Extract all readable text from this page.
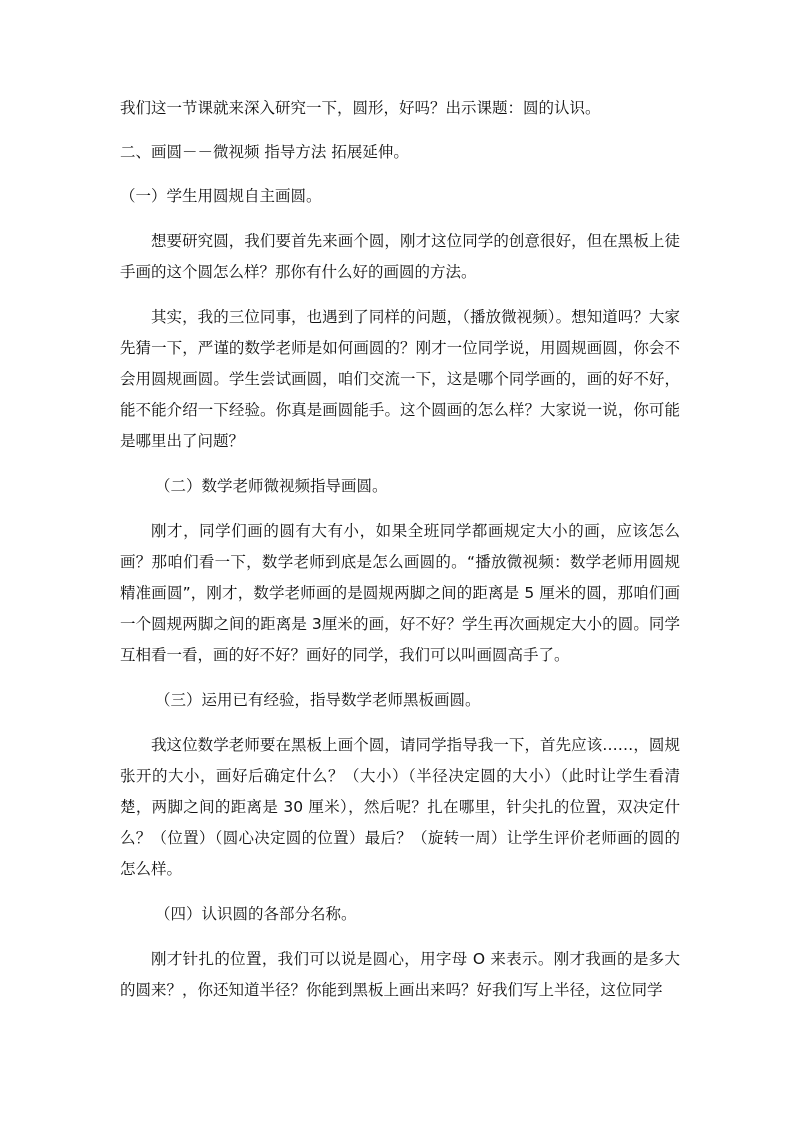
我们这一节课就来深入研究一下，圆形，好吗？出示课题：圆的认识。

二、画圆－－微视频 指导方法 拓展延伸。

（一）学生用圆规自主画圆。

想要研究圆，我们要首先来画个圆，刚才这位同学的创意很好，但在黑板上徒手画的这个圆怎么样？那你有什么好的画圆的方法。

其实，我的三位同事，也遇到了同样的问题，（播放微视频）。想知道吗？大家先猜一下，严谨的数学老师是如何画圆的？刚才一位同学说，用圆规画圆，你会不会用圆规画圆。学生尝试画圆，咱们交流一下，这是哪个同学画的，画的好不好，能不能介绍一下经验。你真是画圆能手。这个圆画的怎么样？大家说一说，你可能是哪里出了问题？

（二）数学老师微视频指导画圆。

刚才，同学们画的圆有大有小，如果全班同学都画规定大小的画，应该怎么画？那咱们看一下，数学老师到底是怎么画圆的。“播放微视频：数学老师用圆规精准画圆”，刚才，数学老师画的是圆规两脚之间的距离是 5 厘米的圆，那咱们画一个圆规两脚之间的距离是 3厘米的画，好不好？学生再次画规定大小的圆。同学互相看一看，画的好不好？画好的同学，我们可以叫画圆高手了。

（三）运用已有经验，指导数学老师黑板画圆。

我这位数学老师要在黑板上画个圆，请同学指导我一下，首先应该……，圆规张开的大小，画好后确定什么？（大小）（半径决定圆的大小）（此时让学生看清楚，两脚之间的距离是 30 厘米），然后呢？扎在哪里，针尖扎的位置，双决定什么？（位置）（圆心决定圆的位置）最后？（旋转一周）让学生评价老师画的圆的怎么样。

（四）认识圆的各部分名称。

刚才针扎的位置，我们可以说是圆心，用字母 O 来表示。刚才我画的是多大的圆来？，你还知道半径？你能到黑板上画出来吗？好我们写上半径，这位同学
